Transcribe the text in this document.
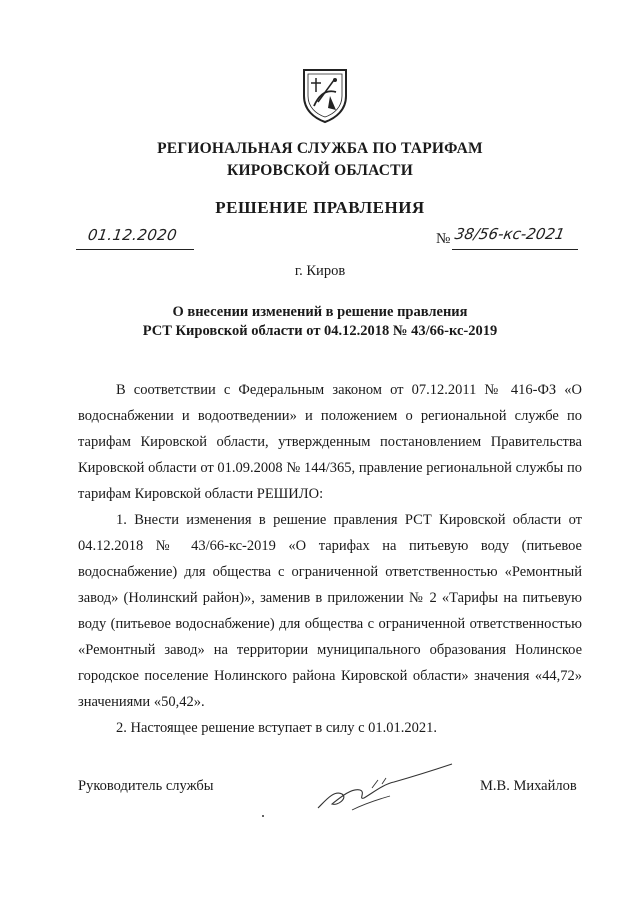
РЕГИОНАЛЬНАЯ СЛУЖБА ПО ТАРИФАМ
КИРОВСКОЙ ОБЛАСТИ
РЕШЕНИЕ ПРАВЛЕНИЯ
01.12.2020	№ 38/56-кс-2021
г. Киров
О внесении изменений в решение правления
РСТ Кировской области от 04.12.2018 № 43/66-кс-2019

В соответствии с Федеральным законом от 07.12.2011 № 416-ФЗ «О водоснабжении и водоотведении» и положением о региональной службе по тарифам Кировской области, утвержденным постановлением Правительства Кировской области от 01.09.2008 № 144/365, правление региональной службы по тарифам Кировской области РЕШИЛО:

1. Внести изменения в решение правления РСТ Кировской области от 04.12.2018 № 43/66-кс-2019 «О тарифах на питьевую воду (питьевое водоснабжение) для общества с ограниченной ответственностью «Ремонтный завод» (Нолинский район)», заменив в приложении № 2 «Тарифы на питьевую воду (питьевое водоснабжение) для общества с ограниченной ответственностью «Ремонтный завод» на территории муниципального образования Нолинское городское поселение Нолинского района Кировской области» значения «44,72» значениями «50,42».

2. Настоящее решение вступает в силу с 01.01.2021.

Руководитель службы	М.В. Михайлов
